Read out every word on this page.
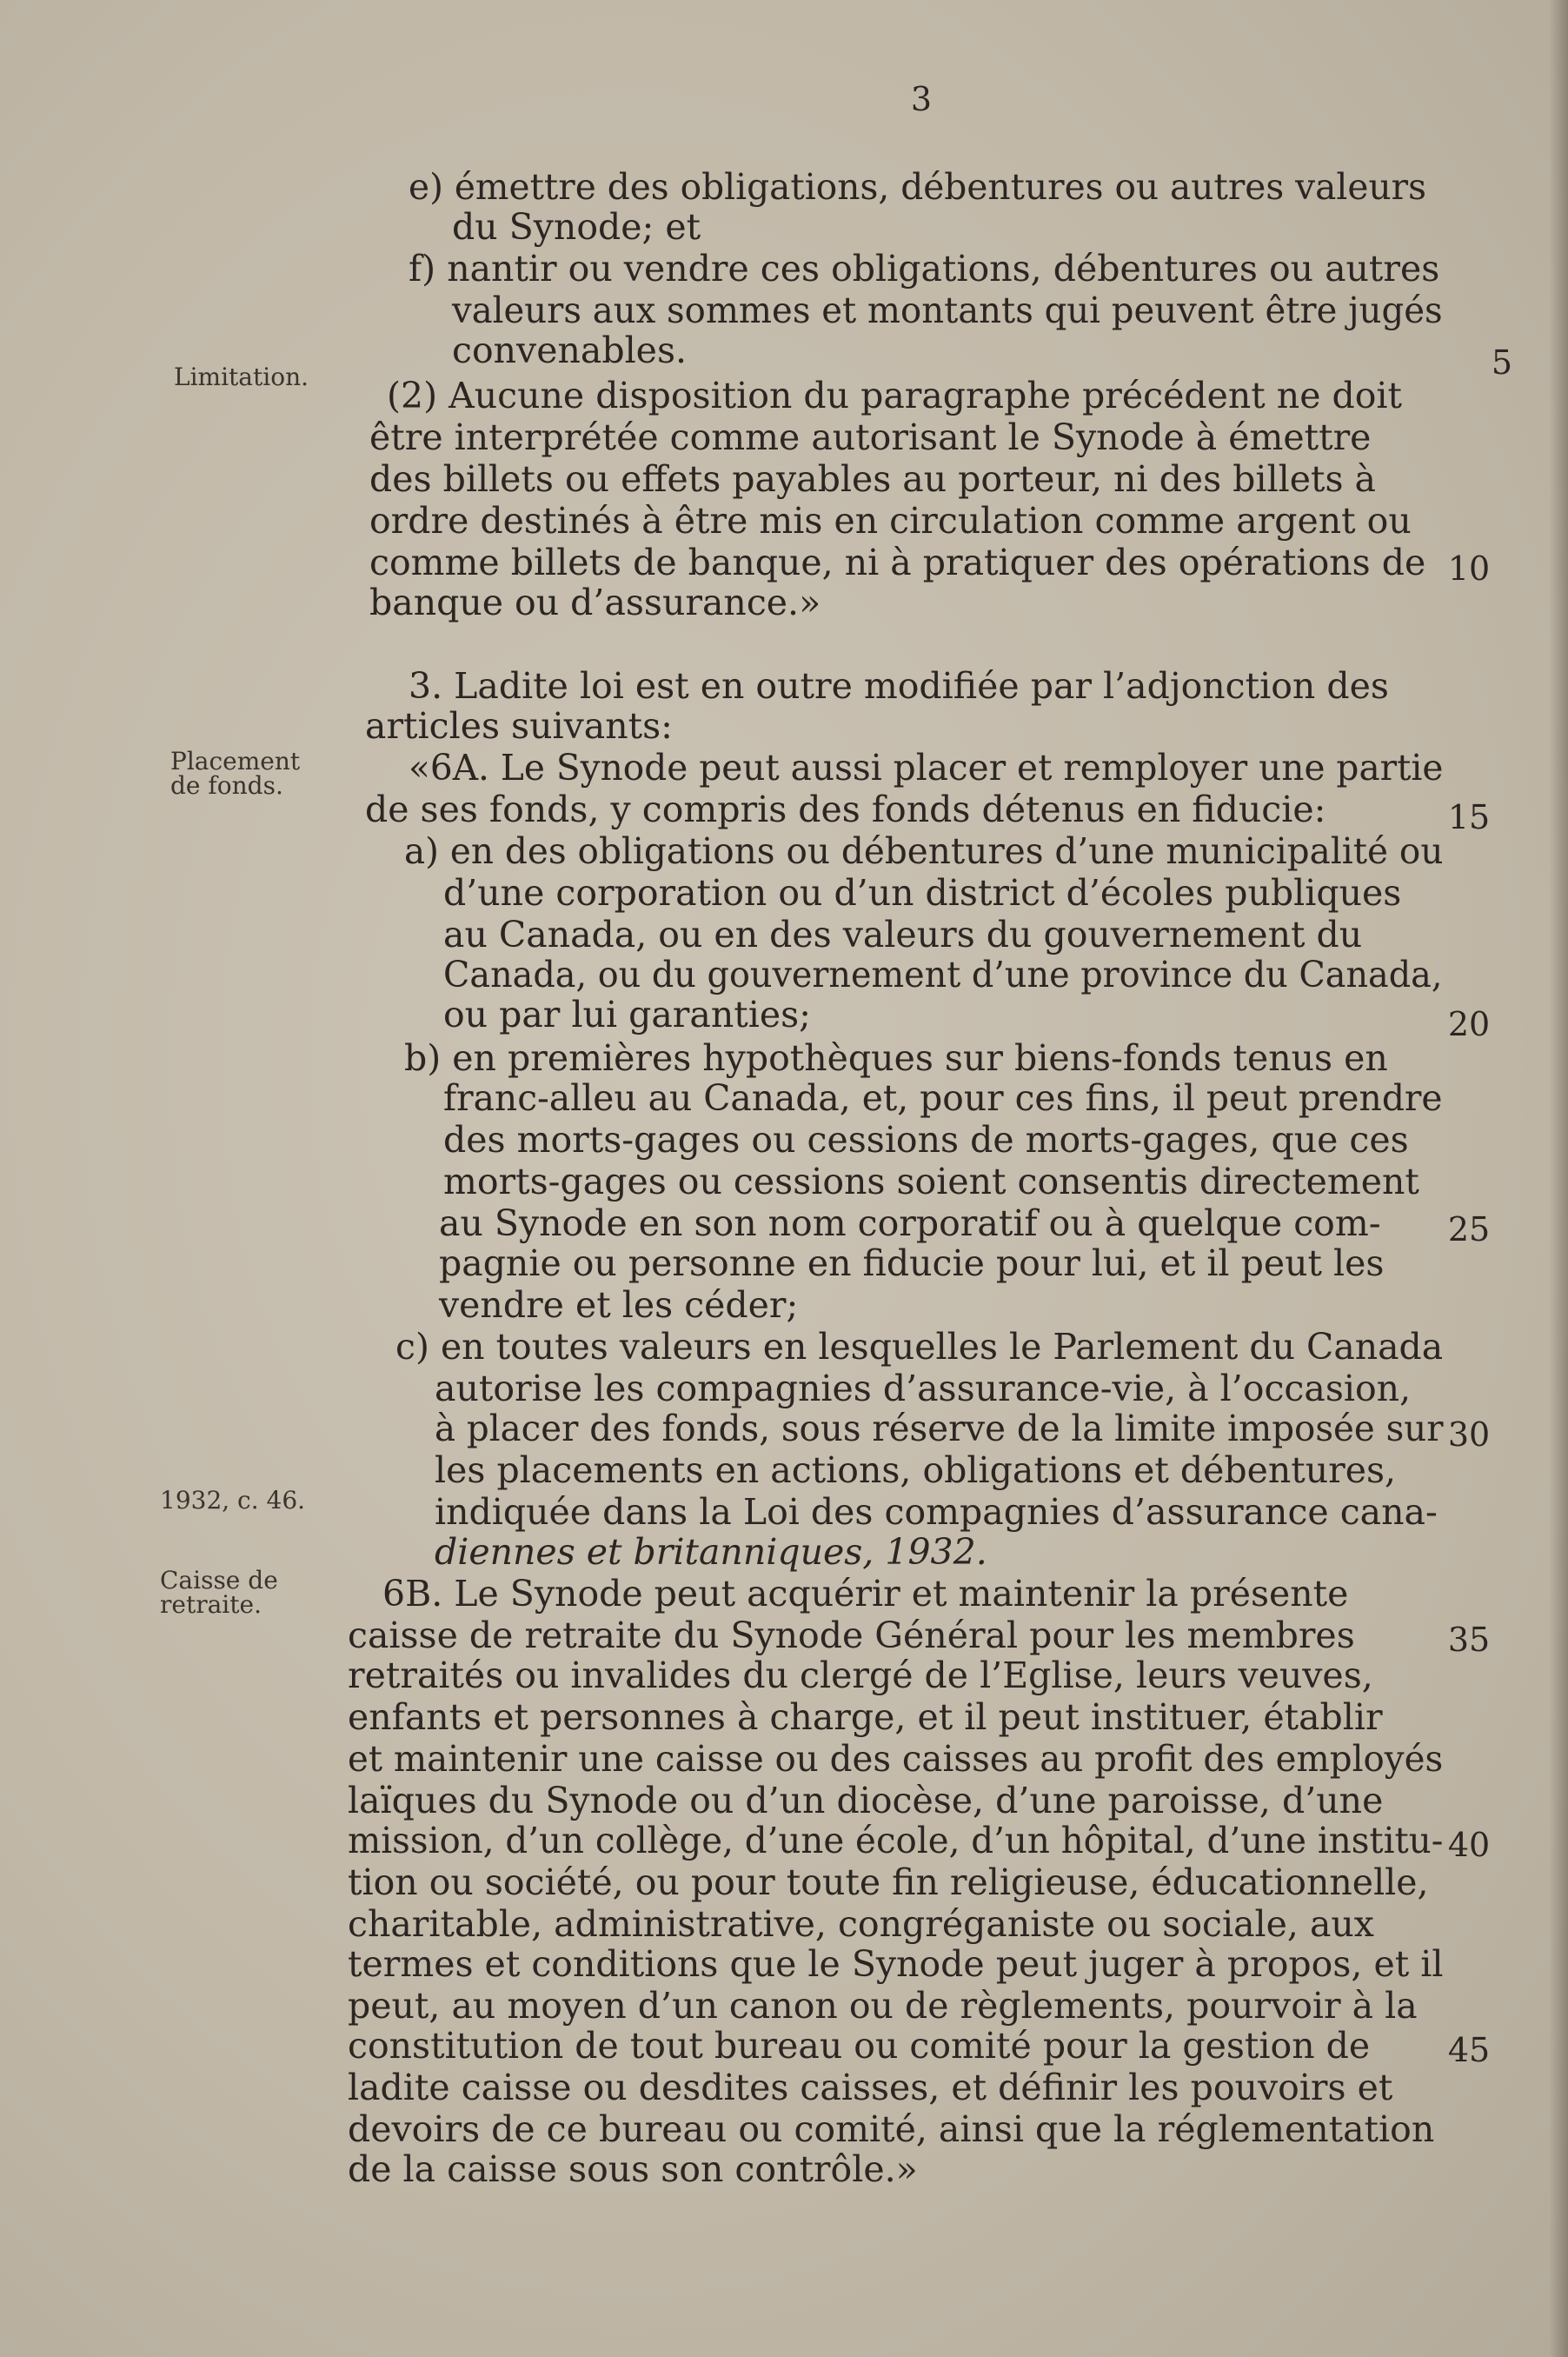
3
Limitation.
Placement
de fonds.
1932, c. 46.
Caisse de
retraite.
5
10
15
20
25
30
35
40
45
e) émettre des obligations, débentures ou autres valeurs
du Synode; et
f) nantir ou vendre ces obligations, débentures ou autres
valeurs aux sommes et montants qui peuvent être jugés
convenables.
(2) Aucune disposition du paragraphe précédent ne doit
être interprétée comme autorisant le Synode à émettre
des billets ou effets payables au porteur, ni des billets à
ordre destinés à être mis en circulation comme argent ou
comme billets de banque, ni à pratiquer des opérations de
banque ou d’assurance.»
3. Ladite loi est en outre modifiée par l’adjonction des
articles suivants:
«6A. Le Synode peut aussi placer et remployer une partie
de ses fonds, y compris des fonds détenus en fiducie:
a) en des obligations ou débentures d’une municipalité ou
d’une corporation ou d’un district d’écoles publiques
au Canada, ou en des valeurs du gouvernement du
Canada, ou du gouvernement d’une province du Canada,
ou par lui garanties;
b) en premières hypothèques sur biens-fonds tenus en
franc-alleu au Canada, et, pour ces fins, il peut prendre
des morts-gages ou cessions de morts-gages, que ces
morts-gages ou cessions soient consentis directement
au Synode en son nom corporatif ou à quelque com-
pagnie ou personne en fiducie pour lui, et il peut les
vendre et les céder;
c) en toutes valeurs en lesquelles le Parlement du Canada
autorise les compagnies d’assurance-vie, à l’occasion,
à placer des fonds, sous réserve de la limite imposée sur
les placements en actions, obligations et débentures,
indiquée dans la Loi des compagnies d’assurance cana-
diennes et britanniques, 1932.
6B. Le Synode peut acquérir et maintenir la présente
caisse de retraite du Synode Général pour les membres
retraités ou invalides du clergé de l’Eglise, leurs veuves,
enfants et personnes à charge, et il peut instituer, établir
et maintenir une caisse ou des caisses au profit des employés
laïques du Synode ou d’un diocèse, d’une paroisse, d’une
mission, d’un collège, d’une école, d’un hôpital, d’une institu-
tion ou société, ou pour toute fin religieuse, éducationnelle,
charitable, administrative, congréganiste ou sociale, aux
termes et conditions que le Synode peut juger à propos, et il
peut, au moyen d’un canon ou de règlements, pourvoir à la
constitution de tout bureau ou comité pour la gestion de
ladite caisse ou desdites caisses, et définir les pouvoirs et
devoirs de ce bureau ou comité, ainsi que la réglementation
de la caisse sous son contrôle.»
